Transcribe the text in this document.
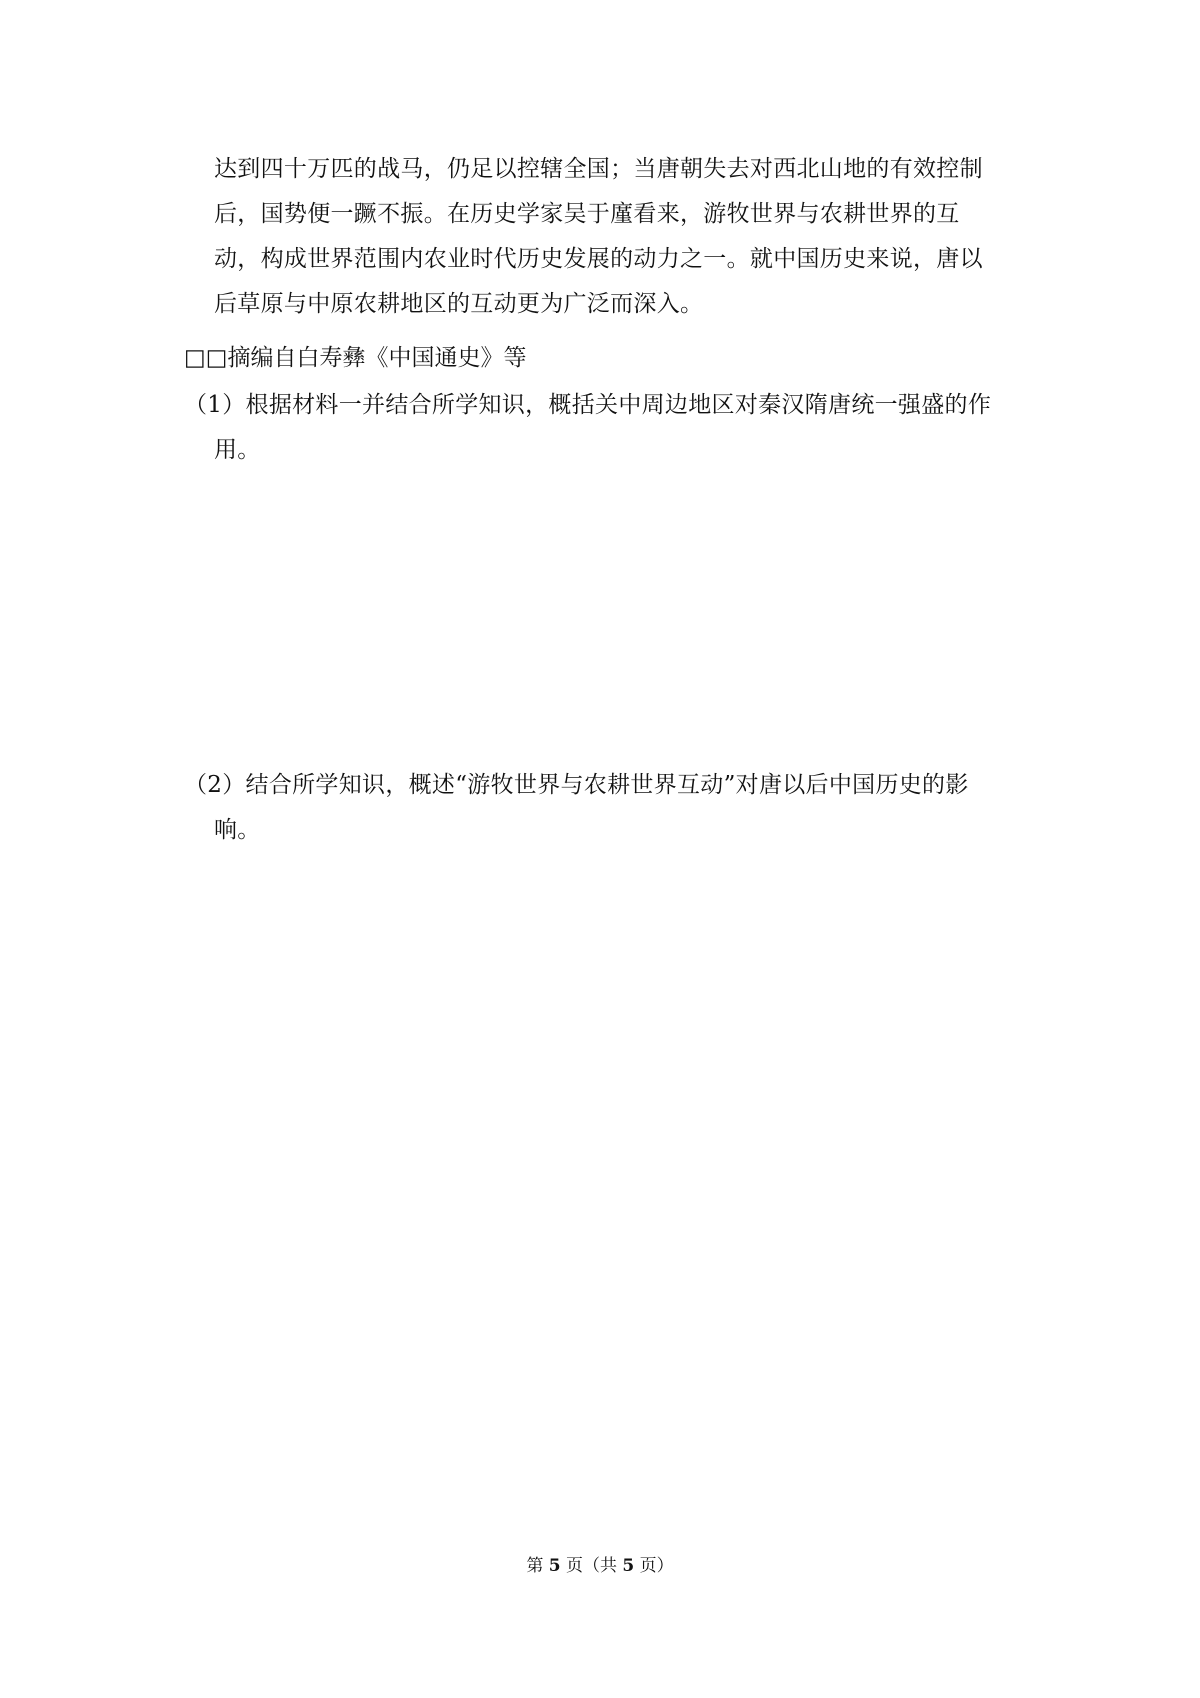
达到四十万匹的战马，仍足以控辖全国；当唐朝失去对西北山地的有效控制
后，国势便一蹶不振。在历史学家吴于廑看来，游牧世界与农耕世界的互
动，构成世界范围内农业时代历史发展的动力之一。就中国历史来说，唐以
后草原与中原农耕地区的互动更为广泛而深入。
□□摘编自白寿彝《中国通史》等
（1）根据材料一并结合所学知识，概括关中周边地区对秦汉隋唐统一强盛的作
用。
（2）结合所学知识，概述“游牧世界与农耕世界互动”对唐以后中国历史的影
响。
第 5 页（共 5 页）
